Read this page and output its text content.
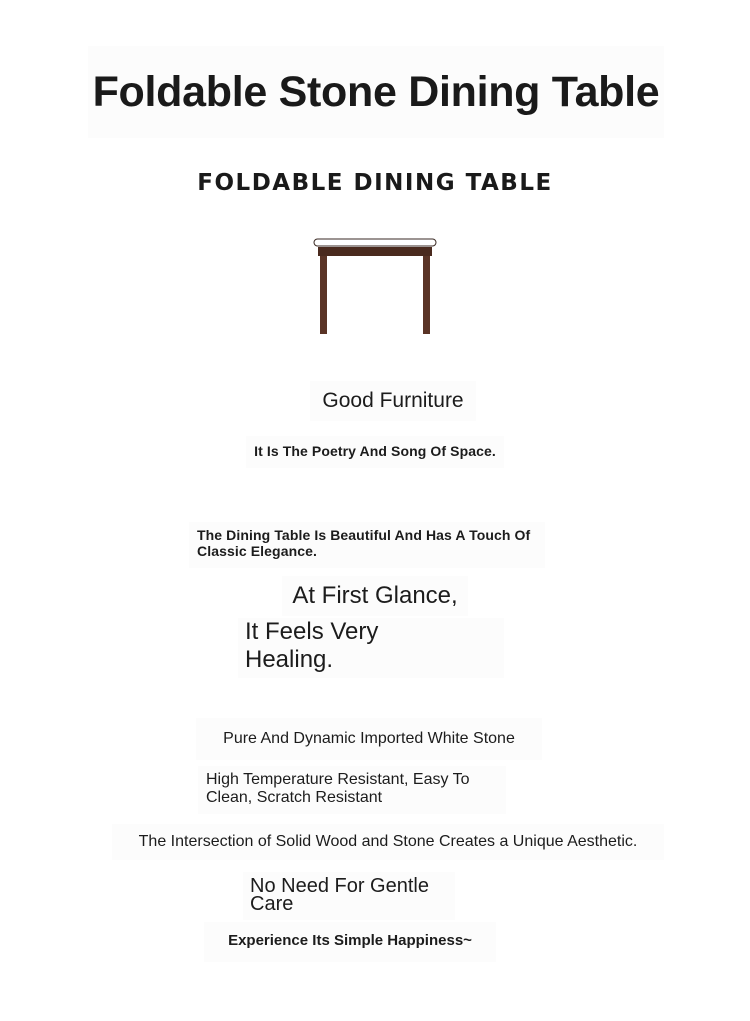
Foldable Stone Dining Table
FOLDABLE DINING TABLE
Good Furniture
It Is The Poetry And Song Of Space.
The Dining Table Is Beautiful And Has A Touch Of Classic Elegance.
At First Glance,
It Feels Very Healing.
Pure And Dynamic Imported White Stone
High Temperature Resistant, Easy To Clean, Scratch Resistant
The Intersection of Solid Wood and Stone Creates a Unique Aesthetic.
No Need For Gentle Care
Experience Its Simple Happiness~
